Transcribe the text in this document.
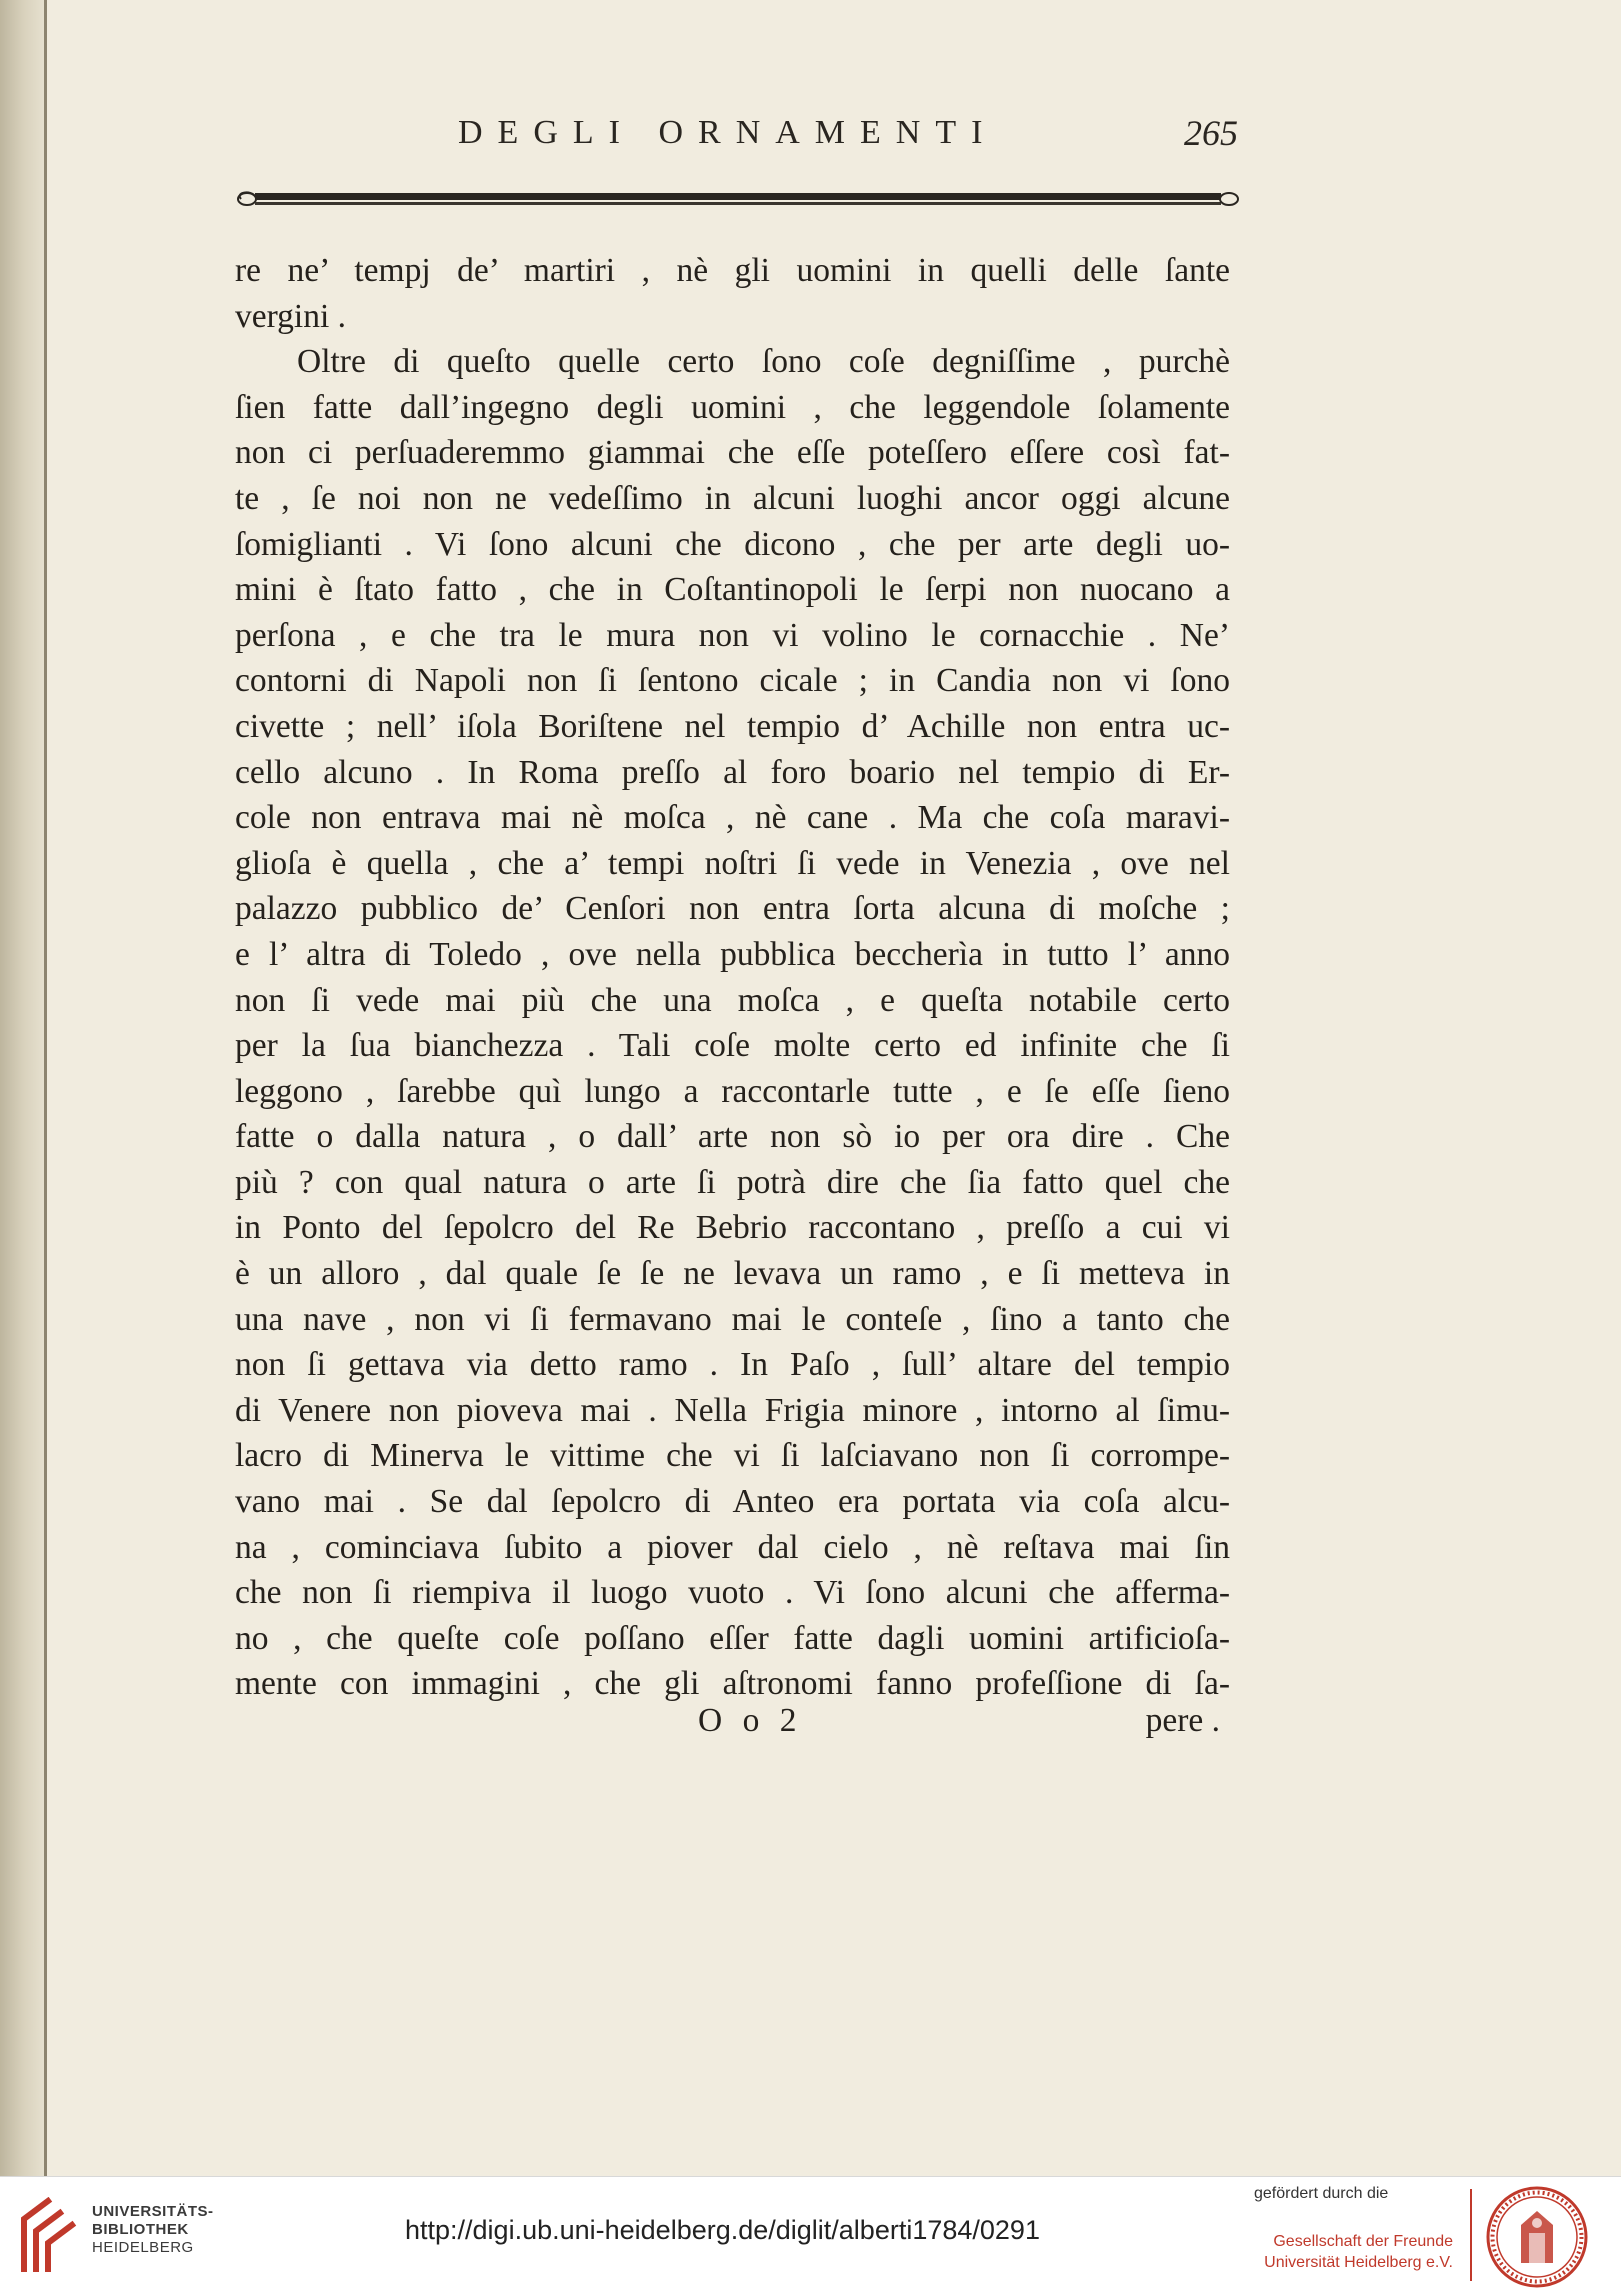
DEGLI ORNAMENTI	265
re ne’ tempj de’ martiri , nè gli uomini in quelli delle ſante
vergini .
Oltre di queſto quelle certo ſono coſe degniſſime , purchè
ſien fatte dall’ingegno degli uomini , che leggendole ſolamente
non ci perſuaderemmo giammai che eſſe poteſſero eſſere così fat-
te , ſe noi non ne vedeſſimo in alcuni luoghi ancor oggi alcune
ſomiglianti . Vi ſono alcuni che dicono , che per arte degli uo-
mini è ſtato fatto , che in Coſtantinopoli le ſerpi non nuocano a
perſona , e che tra le mura non vi volino le cornacchie . Ne’
contorni di Napoli non ſi ſentono cicale ; in Candia non vi ſono
civette ; nell’ iſola Boriſtene nel tempio d’ Achille non entra uc-
cello alcuno . In Roma preſſo al foro boario nel tempio di Er-
cole non entrava mai nè moſca , nè cane . Ma che coſa maravi-
glioſa è quella , che a’ tempi noſtri ſi vede in Venezia , ove nel
palazzo pubblico de’ Cenſori non entra ſorta alcuna di moſche ;
e l’ altra di Toledo , ove nella pubblica beccherìa in tutto l’ anno
non ſi vede mai più che una moſca , e queſta notabile certo
per la ſua bianchezza . Tali coſe molte certo ed infinite che ſi
leggono , ſarebbe quì lungo a raccontarle tutte , e ſe eſſe ſieno
fatte o dalla natura , o dall’ arte non sò io per ora dire . Che
più ? con qual natura o arte ſi potrà dire che ſia fatto quel che
in Ponto del ſepolcro del Re Bebrio raccontano , preſſo a cui vi
è un alloro , dal quale ſe ſe ne levava un ramo , e ſi metteva in
una nave , non vi ſi fermavano mai le conteſe , ſino a tanto che
non ſi gettava via detto ramo . In Paſo , ſull’ altare del tempio
di Venere non pioveva mai . Nella Frigia minore , intorno al ſimu-
lacro di Minerva le vittime che vi ſi laſciavano non ſi corrompe-
vano mai . Se dal ſepolcro di Anteo era portata via coſa alcu-
na , cominciava ſubito a piover dal cielo , nè reſtava mai ſin
che non ſi riempiva il luogo vuoto . Vi ſono alcuni che afferma-
no , che queſte coſe poſſano eſſer fatte dagli uomini artificioſa-
mente con immagini , che gli aſtronomi fanno profeſſione di ſa-
O o 2	pere .
UNIVERSITÄTS-
BIBLIOTHEK
HEIDELBERG
http://digi.ub.uni-heidelberg.de/diglit/alberti1784/0291
gefördert durch die
Gesellschaft der Freunde
Universität Heidelberg e.V.
